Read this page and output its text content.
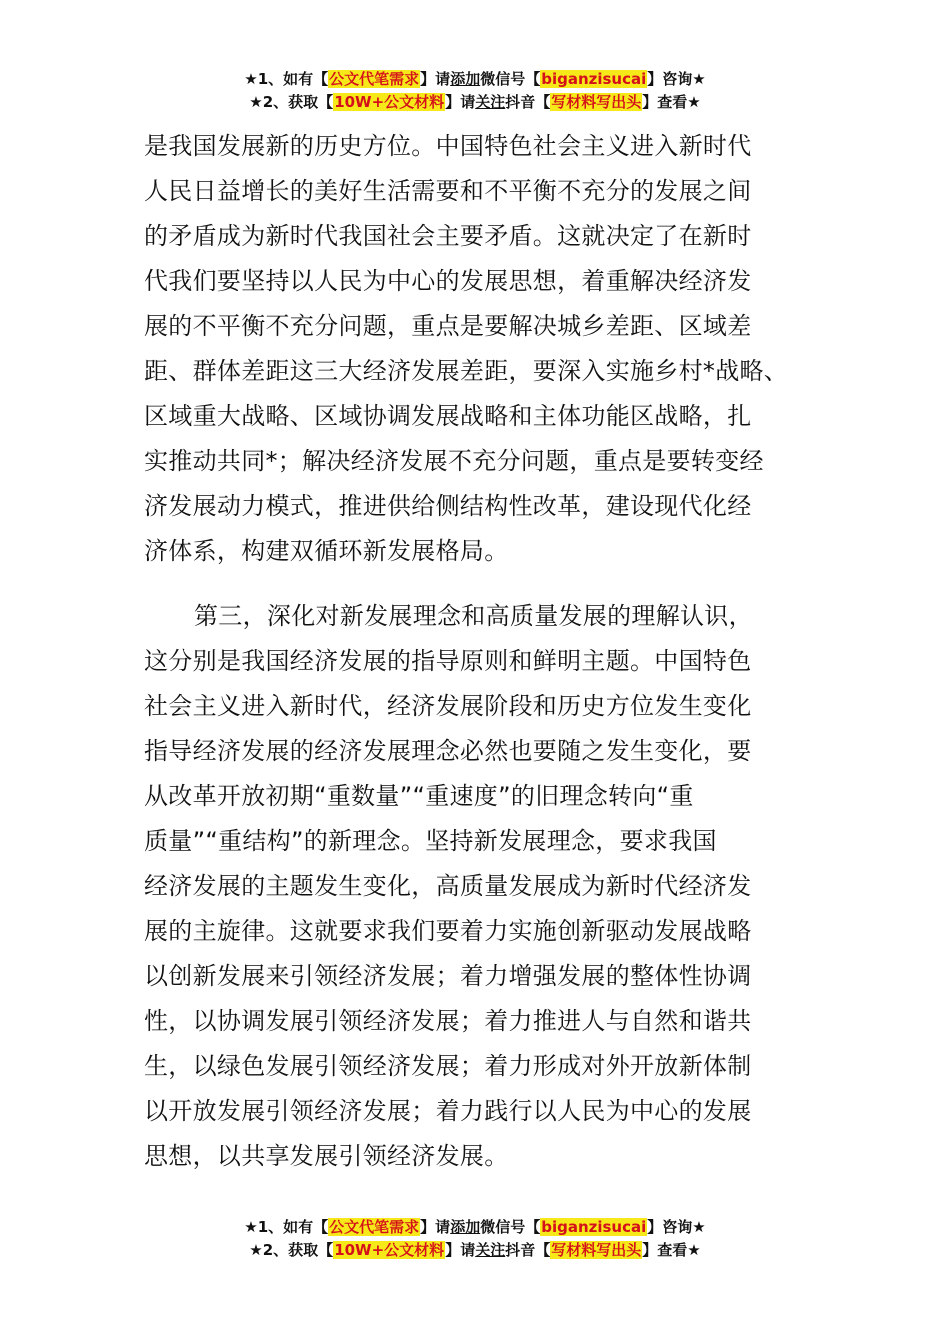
★1、如有【公文代笔需求】请添加微信号【biganzisucai】咨询★
★2、获取【10W+公文材料】请关注抖音【写材料写出头】查看★
是我国发展新的历史方位。中国特色社会主义进入新时代
人民日益增长的美好生活需要和不平衡不充分的发展之间
的矛盾成为新时代我国社会主要矛盾。这就决定了在新时
代我们要坚持以人民为中心的发展思想，着重解决经济发
展的不平衡不充分问题，重点是要解决城乡差距、区域差
距、群体差距这三大经济发展差距，要深入实施乡村*战略、
区域重大战略、区域协调发展战略和主体功能区战略，扎
实推动共同*；解决经济发展不充分问题，重点是要转变经
济发展动力模式，推进供给侧结构性改革，建设现代化经
济体系，构建双循环新发展格局。
第三，深化对新发展理念和高质量发展的理解认识，
这分别是我国经济发展的指导原则和鲜明主题。中国特色
社会主义进入新时代，经济发展阶段和历史方位发生变化
指导经济发展的经济发展理念必然也要随之发生变化，要
从改革开放初期“重数量”“重速度”的旧理念转向“重
质量”“重结构”的新理念。坚持新发展理念，要求我国
经济发展的主题发生变化，高质量发展成为新时代经济发
展的主旋律。这就要求我们要着力实施创新驱动发展战略
以创新发展来引领经济发展；着力增强发展的整体性协调
性，以协调发展引领经济发展；着力推进人与自然和谐共
生，以绿色发展引领经济发展；着力形成对外开放新体制
以开放发展引领经济发展；着力践行以人民为中心的发展
思想，以共享发展引领经济发展。
★1、如有【公文代笔需求】请添加微信号【biganzisucai】咨询★
★2、获取【10W+公文材料】请关注抖音【写材料写出头】查看★
